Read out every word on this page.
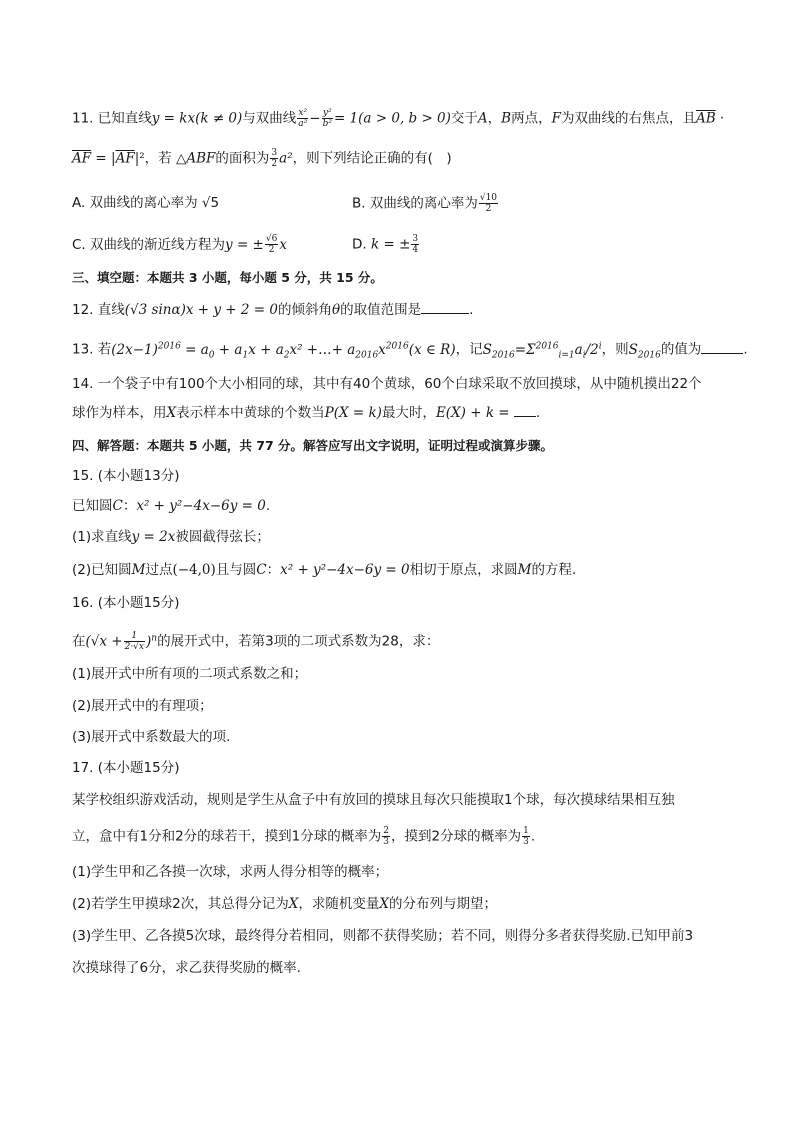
11. 已知直线y = kx(k ≠ 0)与双曲线 $\frac{\text{x²}}{\text{a²}} - \frac{\text{y²}}{\text{b²}} = 1(a > 0$, b > 0)交于A，B两点，F为双曲线的右焦点，且$\overline{AB}$ ·
$\overline{AF} = |\overline{AF}|^2$，若 △ABF的面积为 $\frac{3}{2} a^2$，则下列结论正确的有(　)
A. 双曲线的离心率为 √5	B. 双曲线的离心率为 $\frac{√10}{2}$
C. 双曲线的渐近线方程为y = ± $\frac{√6}{2}$ x	D. k = ± $\frac{3}{4}$
三、填空题：本题共 3 小题，每小题 5 分，共 15 分。
12. 直线(√3 sinα)x + y + 2 = 0的倾斜角θ的取值范围是	.
13. 若$(2x-1)^{2016} = a_0 + a_1x + a_2x^2$ +…+ $a_{2016}x^{2016}(x$ ∈ R)，记$S_{2016}=\Sigma^{2016}_{i=1}a_i/2^i$，则$S_{2016}$的值为	.
14. 一个袋子中有100个大小相同的球，其中有40个黄球，60个白球采取不放回摸球，从中随机摸出22个
球作为样本，用X表示样本中黄球的个数当P(X = k)最大时，E(X) + k = .
四、解答题：本题共 5 小题，共 77 分。解答应写出文字说明，证明过程或演算步骤。
15. (本小题13分)
已知圆C：x² + y²−4x−6y = 0.
(1)求直线y = 2x被圆截得弦长；
(2)已知圆M过点(−4,0)且与圆C：x² + y²−4x−6y = 0相切于原点，求圆M的方程.
16. (本小题15分)
在$(√x + \frac{1}{2\cdot√x} )^n$的展开式中，若第3项的二项式系数为28，求：
(1)展开式中所有项的二项式系数之和；
(2)展开式中的有理项；
(3)展开式中系数最大的项.
17. (本小题15分)
某学校组织游戏活动，规则是学生从盒子中有放回的摸球且每次只能摸取1个球，每次摸球结果相互独
立，盒中有1分和2分的球若干，摸到1分球的概率为 $\frac{2}{3}$ ，摸到2分球的概率为 $\frac{1}{3}$ .
(1)学生甲和乙各摸一次球，求两人得分相等的概率；
(2)若学生甲摸球2次，其总得分记为X，求随机变量X的分布列与期望；
(3)学生甲、乙各摸5次球，最终得分若相同，则都不获得奖励；若不同，则得分多者获得奖励.已知甲前3
次摸球得了6分，求乙获得奖励的概率.
